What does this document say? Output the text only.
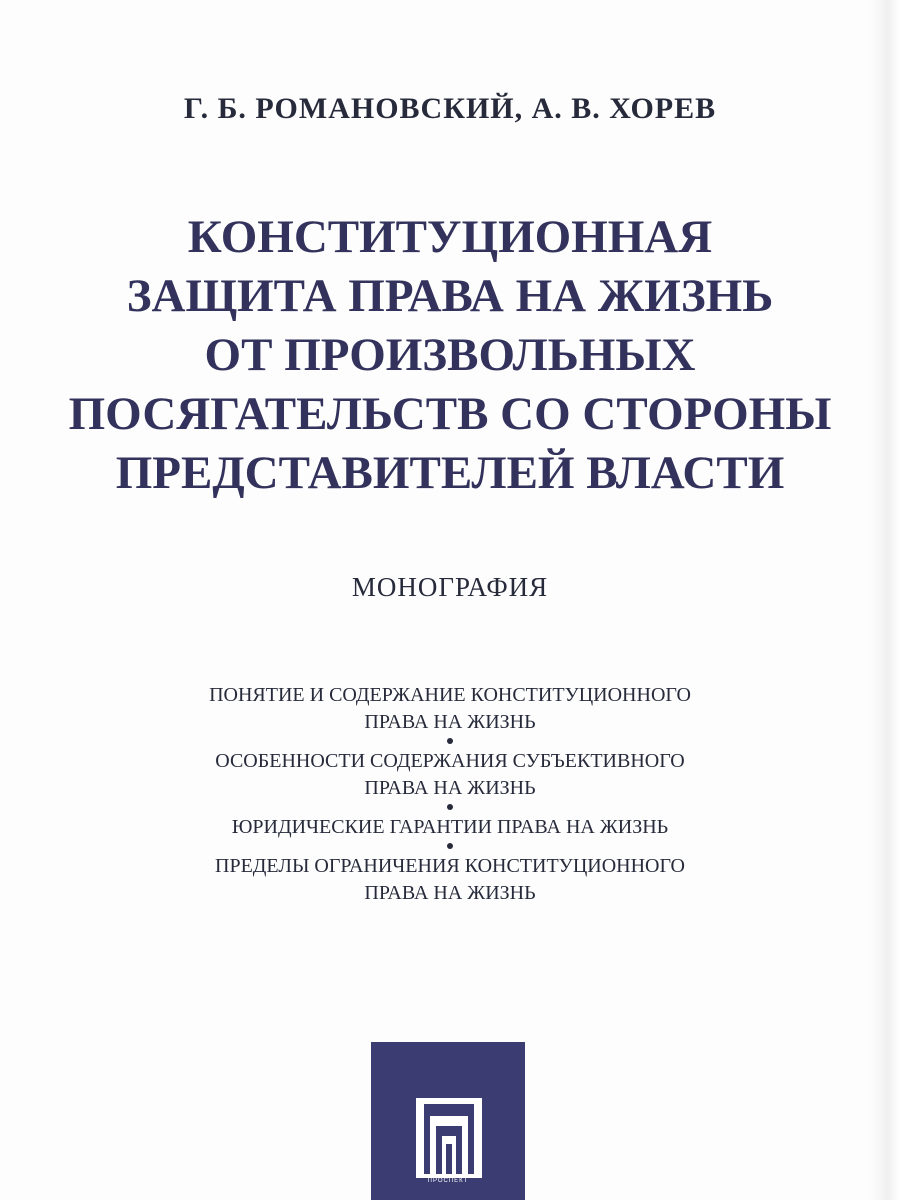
Г. Б. РОМАНОВСКИЙ, А. В. ХОРЕВ
КОНСТИТУЦИОННАЯ
ЗАЩИТА ПРАВА НА ЖИЗНЬ
ОТ ПРОИЗВОЛЬНЫХ
ПОСЯГАТЕЛЬСТВ СО СТОРОНЫ
ПРЕДСТАВИТЕЛЕЙ ВЛАСТИ
МОНОГРАФИЯ
ПОНЯТИЕ И СОДЕРЖАНИЕ КОНСТИТУЦИОННОГО
ПРАВА НА ЖИЗНЬ
ОСОБЕННОСТИ СОДЕРЖАНИЯ СУБЪЕКТИВНОГО
ПРАВА НА ЖИЗНЬ
ЮРИДИЧЕСКИЕ ГАРАНТИИ ПРАВА НА ЖИЗНЬ
ПРЕДЕЛЫ ОГРАНИЧЕНИЯ КОНСТИТУЦИОННОГО
ПРАВА НА ЖИЗНЬ
ПРОСПЕКТ
